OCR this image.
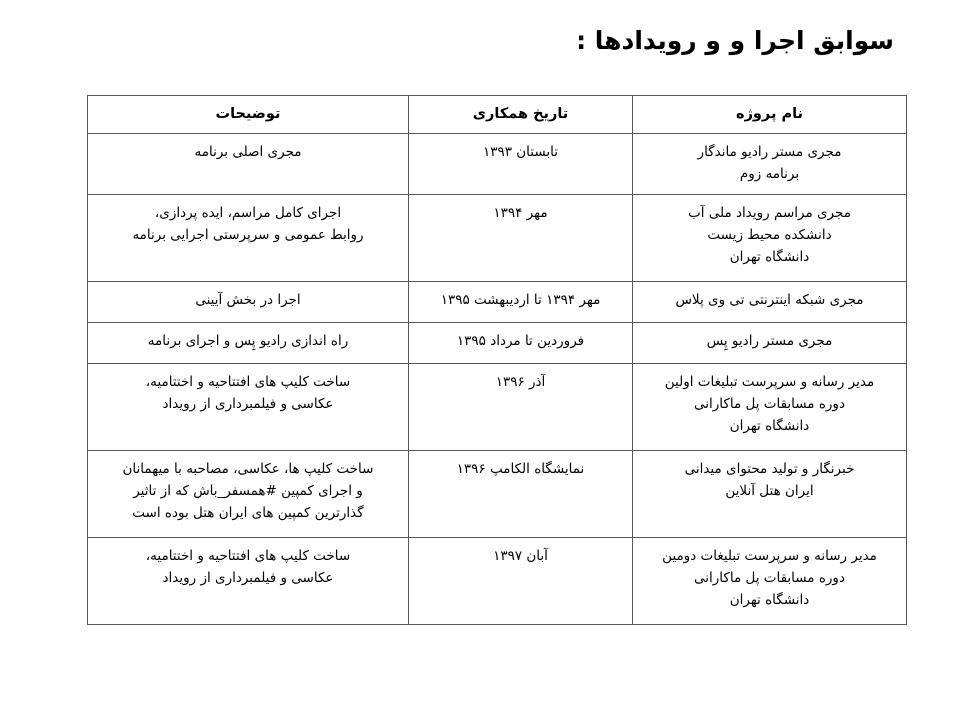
سوابق اجرا و و رویدادها :
نام پروژه	تاریخ همکاری	توضیحات

مجری مستر رادیو ماندگار
برنامه زوم	تابستان ۱۳۹۳	مجری اصلی برنامه

مجری مراسم رویداد ملی آب
دانشکده محیط زیست
دانشگاه تهران	مهر ۱۳۹۴	اجرای کامل مراسم، ایده پردازی،
روابط عمومی و سرپرستی اجرایی برنامه

مجری شبکه اینترنتی تی وی پلاس	مهر ۱۳۹۴ تا اردیبهشت ۱۳۹۵	اجرا در بخش آیینی

مجری مستر رادیو پِس	فروردین تا مرداد ۱۳۹۵	راه اندازی رادیو پِس و اجرای برنامه

مدیر رسانه و سرپرست تبلیغات اولین
دوره مسابقات پل ماکارانی
دانشگاه تهران	آذر ۱۳۹۶	ساخت کلیپ های افتتاحیه و اختتامیه،
عکاسی و فیلمبرداری از رویداد

خبرنگار و تولید محتوای میدانی
ایران هتل آنلاین	نمایشگاه الکامپ ۱۳۹۶	ساخت کلیپ ها، عکاسی، مصاحبه با میهمانان
و اجرای کمپین #همسفر_باش که از تاثیر
گذارترین کمپین های ایران هتل بوده است

مدیر رسانه و سرپرست تبلیغات دومین
دوره مسابقات پل ماکارانی
دانشگاه تهران	آبان ۱۳۹۷	ساخت کلیپ های افتتاحیه و اختتامیه،
عکاسی و فیلمبرداری از رویداد
